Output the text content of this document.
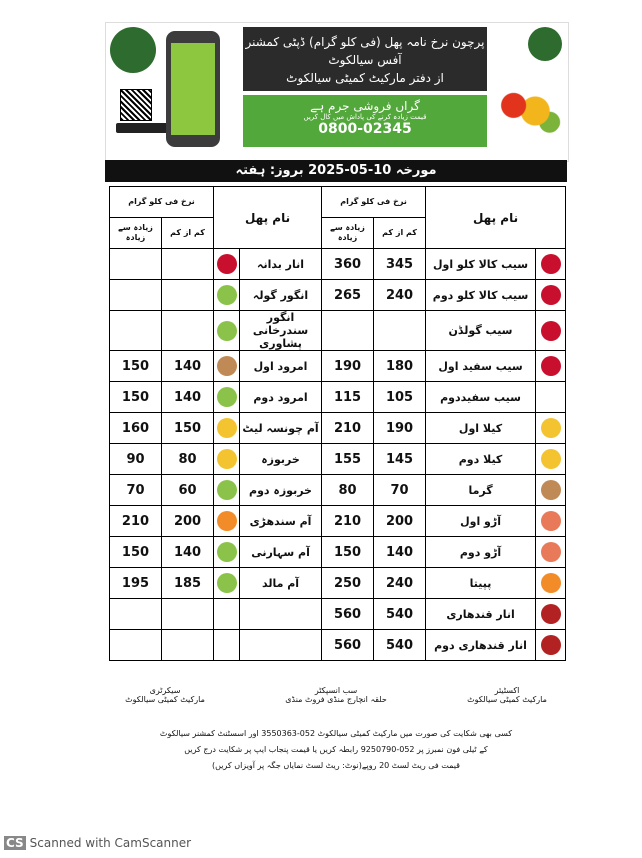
پرچون نرخ نامہ پھل (فی کلو گرام) ڈپٹی کمشنر آفس سیالکوٹ
از دفتر مارکیٹ کمیٹی سیالکوٹ
گراں فروشی جرم ہے
قیمت زیادہ کرنے کی پاداش میں کال کریں
0800-02345
مورخہ 10-05-2025 بروز: ہفتہ
نرخ فی کلو گرام		نام پھل		نرخ فی کلو گرام		نام پھل	
زیادہ سے زیادہ	کم از کم			زیادہ سے زیادہ	کم از کم		

	انار بدانہ	360	345	سیب کالا کلو اول	

	انگور گولہ	265	240	سیب کالا کلو دوم	

	انگور سندرخانی پشاوری			سیب گولڈن	

150	140		امرود اول	190	180	سیب سفید اول	

150	140		امرود دوم	115	105	سیب سفیددوم	
160	150		آم چونسہ لیٹ	210	190	کیلا اول	

90	80		خربوزہ	155	145	کیلا دوم	

70	60		خربوزہ دوم	80	70	گرما	

210	200		آم سندھڑی	210	200	آڑو اول	

150	140		آم سہارنی	150	140	آڑو دوم	

195	185		آم مالد	250	240	پپیتا	

				560	540	انار قندھاری	

				560	540	انار قندھاری دوم	
سیکرٹری
مارکیٹ کمیٹی سیالکوٹ
سب انسپکٹر
حلقہ انچارج منڈی فروٹ منڈی
اکسٹیئر
مارکیٹ کمیٹی سیالکوٹ
کسی بھی شکایت کی صورت میں مارکیٹ کمیٹی سیالکوٹ 052-3550363 اور اسسٹنٹ کمشنر سیالکوٹ
کے ٹیلی فون نمبرز پر 052-9250790 رابطہ کریں یا قیمت پنجاب ایپ پر شکایت درج کریں
قیمت فی ریٹ لسٹ 20 روپے(نوٹ: ریٹ لسٹ نمایاں جگہ پر آویزاں کریں)
CS Scanned with CamScanner
